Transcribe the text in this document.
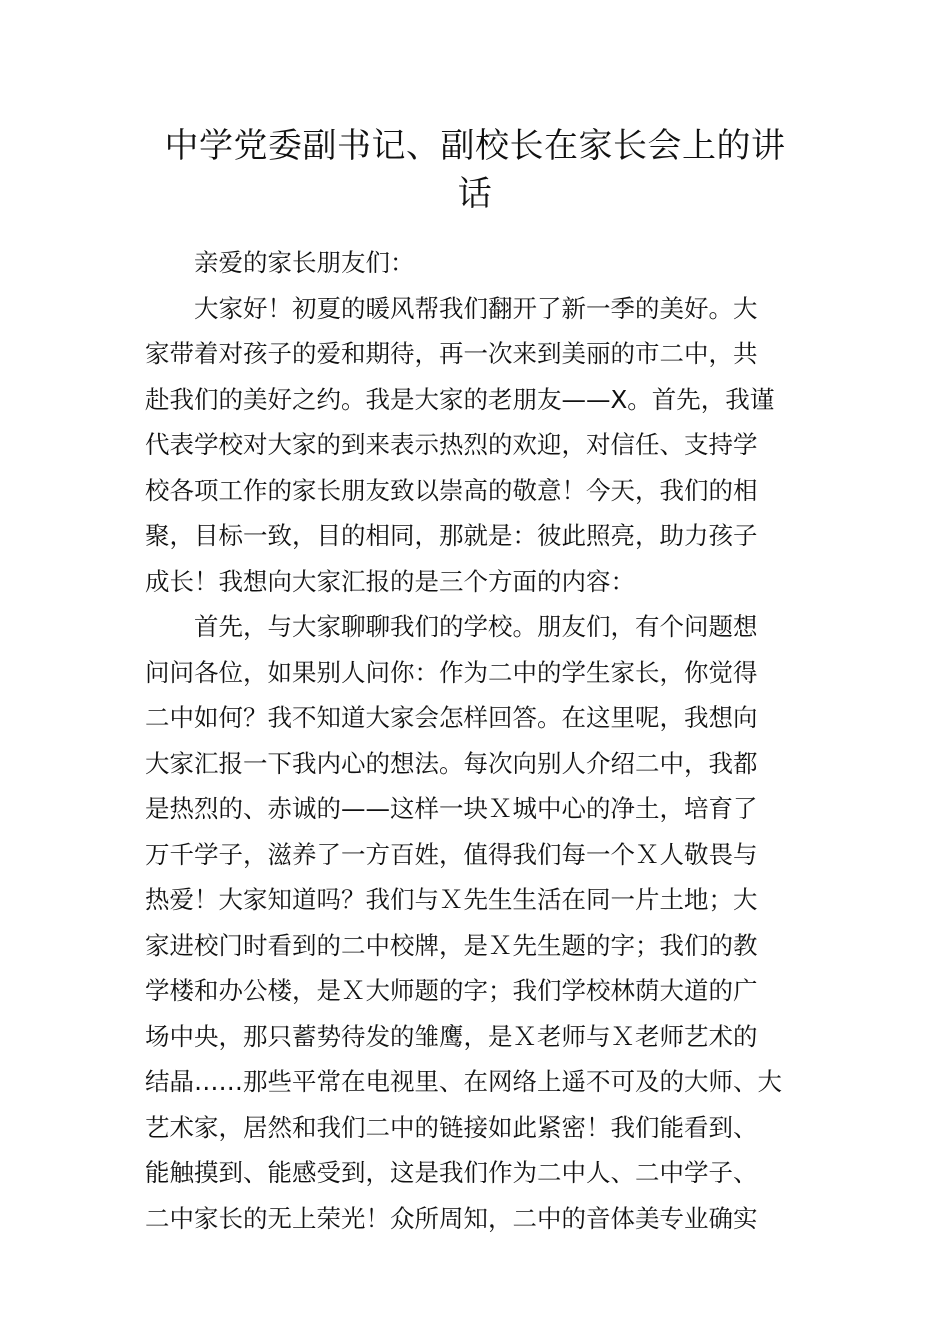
中学党委副书记、副校长在家长会上的讲
话
亲爱的家长朋友们：
大家好！初夏的暖风帮我们翻开了新一季的美好。大
家带着对孩子的爱和期待，再一次来到美丽的市二中，共
赴我们的美好之约。我是大家的老朋友——X。首先，我谨
代表学校对大家的到来表示热烈的欢迎，对信任、支持学
校各项工作的家长朋友致以崇高的敬意！今天，我们的相
聚，目标一致，目的相同，那就是：彼此照亮，助力孩子
成长！我想向大家汇报的是三个方面的内容：
首先，与大家聊聊我们的学校。朋友们，有个问题想
问问各位，如果别人问你：作为二中的学生家长，你觉得
二中如何？我不知道大家会怎样回答。在这里呢，我想向
大家汇报一下我内心的想法。每次向别人介绍二中，我都
是热烈的、赤诚的——这样一块Ｘ城中心的净土，培育了
万千学子，滋养了一方百姓，值得我们每一个Ｘ人敬畏与
热爱！大家知道吗？我们与Ｘ先生生活在同一片土地；大
家进校门时看到的二中校牌，是Ｘ先生题的字；我们的教
学楼和办公楼，是Ｘ大师题的字；我们学校林荫大道的广
场中央，那只蓄势待发的雏鹰，是Ｘ老师与Ｘ老师艺术的
结晶……那些平常在电视里、在网络上遥不可及的大师、大
艺术家，居然和我们二中的链接如此紧密！我们能看到、
能触摸到、能感受到，这是我们作为二中人、二中学子、
二中家长的无上荣光！众所周知，二中的音体美专业确实
